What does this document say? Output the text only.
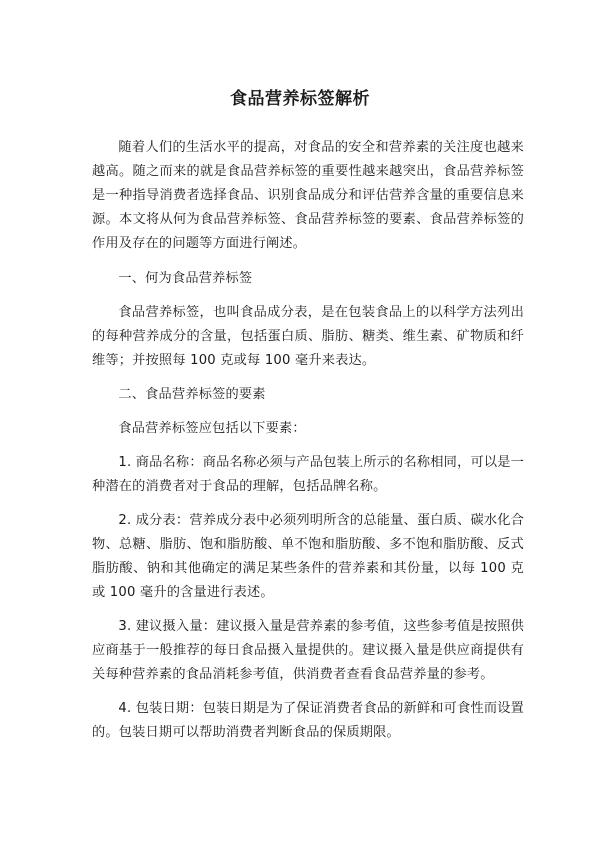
食品营养标签解析

随着人们的生活水平的提高，对食品的安全和营养素的关注度也越来越高。随之而来的就是食品营养标签的重要性越来越突出，食品营养标签是一种指导消费者选择食品、识别食品成分和评估营养含量的重要信息来源。本文将从何为食品营养标签、食品营养标签的要素、食品营养标签的作用及存在的问题等方面进行阐述。

一、何为食品营养标签

食品营养标签，也叫食品成分表，是在包装食品上的以科学方法列出的每种营养成分的含量，包括蛋白质、脂肪、糖类、维生素、矿物质和纤维等；并按照每 100 克或每 100 毫升来表达。

二、食品营养标签的要素

食品营养标签应包括以下要素：

1. 商品名称：商品名称必须与产品包装上所示的名称相同，可以是一种潜在的消费者对于食品的理解，包括品牌名称。

2. 成分表：营养成分表中必须列明所含的总能量、蛋白质、碳水化合物、总糖、脂肪、饱和脂肪酸、单不饱和脂肪酸、多不饱和脂肪酸、反式脂肪酸、钠和其他确定的满足某些条件的营养素和其份量，以每 100 克或 100 毫升的含量进行表述。

3. 建议摄入量：建议摄入量是营养素的参考值，这些参考值是按照供应商基于一般推荐的每日食品摄入量提供的。建议摄入量是供应商提供有关每种营养素的食品消耗参考值，供消费者查看食品营养量的参考。

4. 包装日期：包装日期是为了保证消费者食品的新鲜和可食性而设置的。包装日期可以帮助消费者判断食品的保质期限。
